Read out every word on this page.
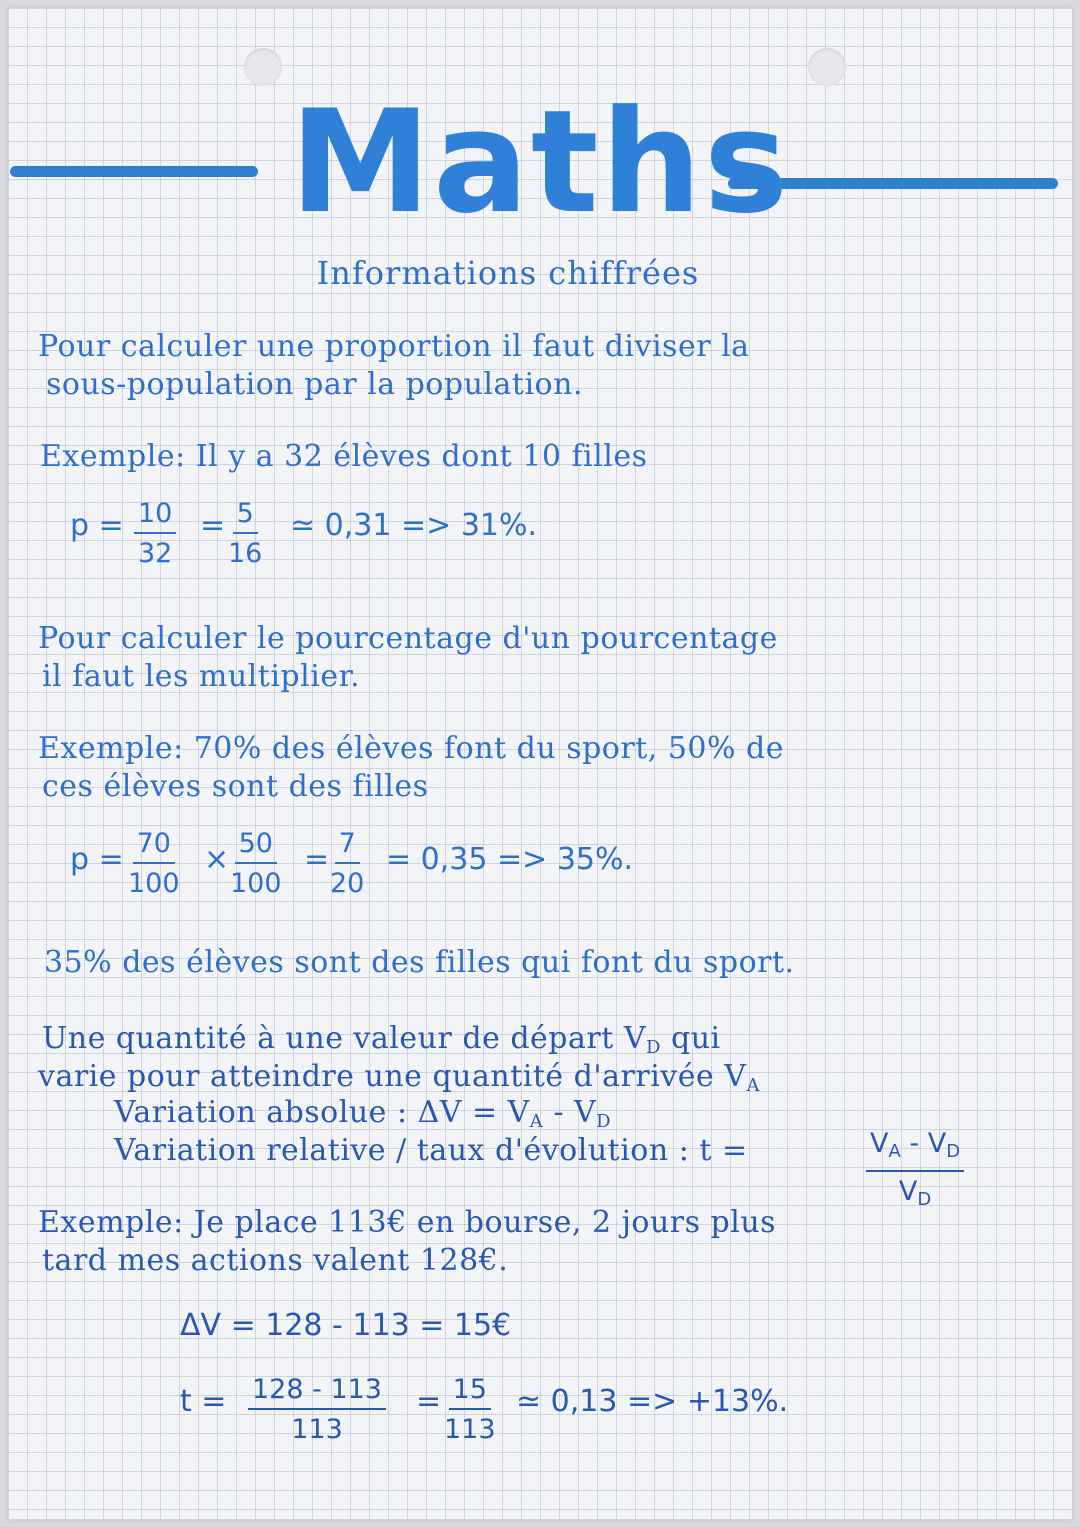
Maths
Informations chiffrées
Pour calculer une proportion il faut diviser la
sous-population par la population.
Exemple: Il y a 32 élèves dont 10 filles
$p = \frac{10}{32} = \frac{5}{16}$ ≃ 0,31 => 31%.
Pour calculer le pourcentage d'un pourcentage
il faut les multiplier.
Exemple: 70% des élèves font du sport, 50% de
ces élèves sont des filles
$p = \frac{70}{100} \times \frac{50}{100} = \frac{7}{20} = 0,35 => 35\%$.
35% des élèves sont des filles qui font du sport.
Une quantité à une valeur de départ $V_D$ qui
varie pour atteindre une quantité d'arrivée $V_A$
Variation absolue : $\Delta V = V_A - V_D$
Variation relative / taux d'évolution : t =	$\frac{V_A - V_D}{V_D}$
Exemple: Je place 113€ en bourse, 2 jours plus
tard mes actions valent 128€.
ΔV = 128 - 113 = 15€
$t = \frac{128 - 113}{113} = \frac{15}{113}$ ≃ 0,13 => +13%.
